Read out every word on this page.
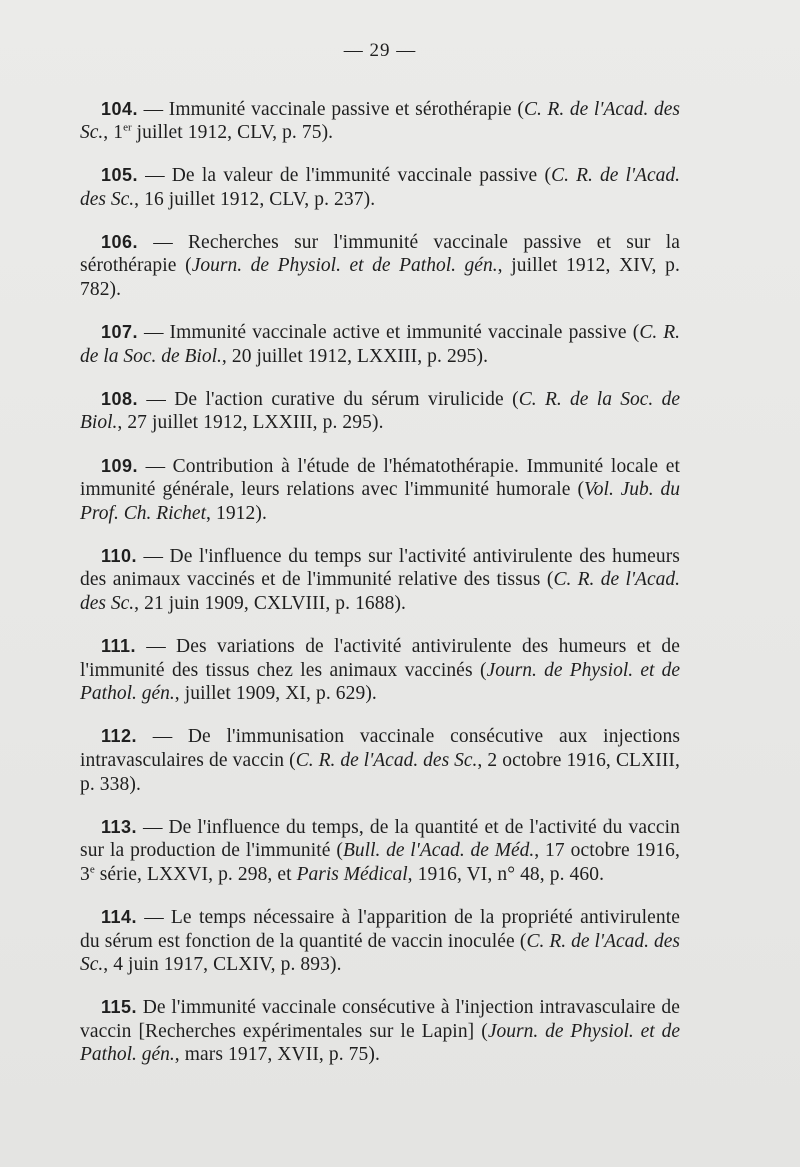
— 29 —

104. — Immunité vaccinale passive et sérothérapie (C. R. de l'Acad. des Sc., 1er juillet 1912, CLV, p. 75).

105. — De la valeur de l'immunité vaccinale passive (C. R. de l'Acad. des Sc., 16 juillet 1912, CLV, p. 237).

106. — Recherches sur l'immunité vaccinale passive et sur la sérothérapie (Journ. de Physiol. et de Pathol. gén., juillet 1912, XIV, p. 782).

107. — Immunité vaccinale active et immunité vaccinale passive (C. R. de la Soc. de Biol., 20 juillet 1912, LXXIII, p. 295).

108. — De l'action curative du sérum virulicide (C. R. de la Soc. de Biol., 27 juillet 1912, LXXIII, p. 295).

109. — Contribution à l'étude de l'hématothérapie. Immunité locale et immunité générale, leurs relations avec l'immunité humorale (Vol. Jub. du Prof. Ch. Richet, 1912).

110. — De l'influence du temps sur l'activité antivirulente des humeurs des animaux vaccinés et de l'immunité relative des tissus (C. R. de l'Acad. des Sc., 21 juin 1909, CXLVIII, p. 1688).

111. — Des variations de l'activité antivirulente des humeurs et de l'immunité des tissus chez les animaux vaccinés (Journ. de Physiol. et de Pathol. gén., juillet 1909, XI, p. 629).

112. — De l'immunisation vaccinale consécutive aux injections intravasculaires de vaccin (C. R. de l'Acad. des Sc., 2 octobre 1916, CLXIII, p. 338).

113. — De l'influence du temps, de la quantité et de l'activité du vaccin sur la production de l'immunité (Bull. de l'Acad. de Méd., 17 octobre 1916, 3e série, LXXVI, p. 298, et Paris Médical, 1916, VI, n° 48, p. 460.

114. — Le temps nécessaire à l'apparition de la propriété antivirulente du sérum est fonction de la quantité de vaccin inoculée (C. R. de l'Acad. des Sc., 4 juin 1917, CLXIV, p. 893).

115. De l'immunité vaccinale consécutive à l'injection intravasculaire de vaccin [Recherches expérimentales sur le Lapin] (Journ. de Physiol. et de Pathol. gén., mars 1917, XVII, p. 75).
